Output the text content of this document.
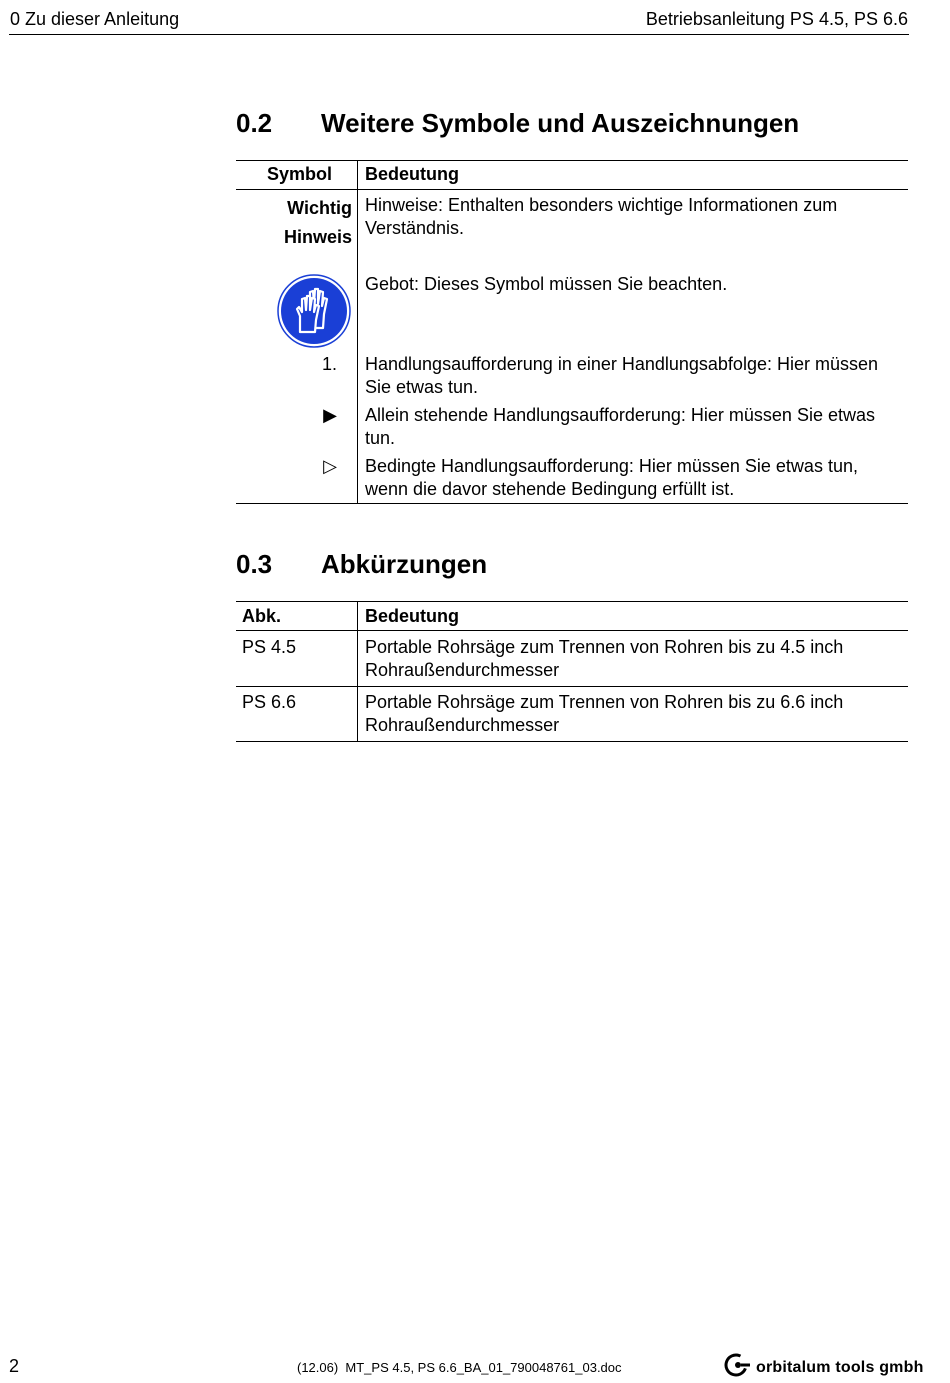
0 Zu dieser Anleitung	Betriebsanleitung PS 4.5, PS 6.6
0.2 Weitere Symbole und Auszeichnungen
Symbol Bedeutung
Wichtig
Hinweis
Hinweise: Enthalten besonders wichtige Informationen zum Verständnis.
Gebot: Dieses Symbol müssen Sie beachten.
1. Handlungsaufforderung in einer Handlungsabfolge: Hier müssen Sie etwas tun.
▶ Allein stehende Handlungsaufforderung: Hier müssen Sie etwas tun.
▷ Bedingte Handlungsaufforderung: Hier müssen Sie etwas tun, wenn die davor stehende Bedingung erfüllt ist.
0.3 Abkürzungen
Abk.	Bedeutung
PS 4.5	Portable Rohrsäge zum Trennen von Rohren bis zu 4.5 inch Rohraußendurchmesser
PS 6.6	Portable Rohrsäge zum Trennen von Rohren bis zu 6.6 inch Rohraußendurchmesser
2	(12.06)  MT_PS 4.5, PS 6.6_BA_01_790048761_03.doc	orbitalum tools gmbh
